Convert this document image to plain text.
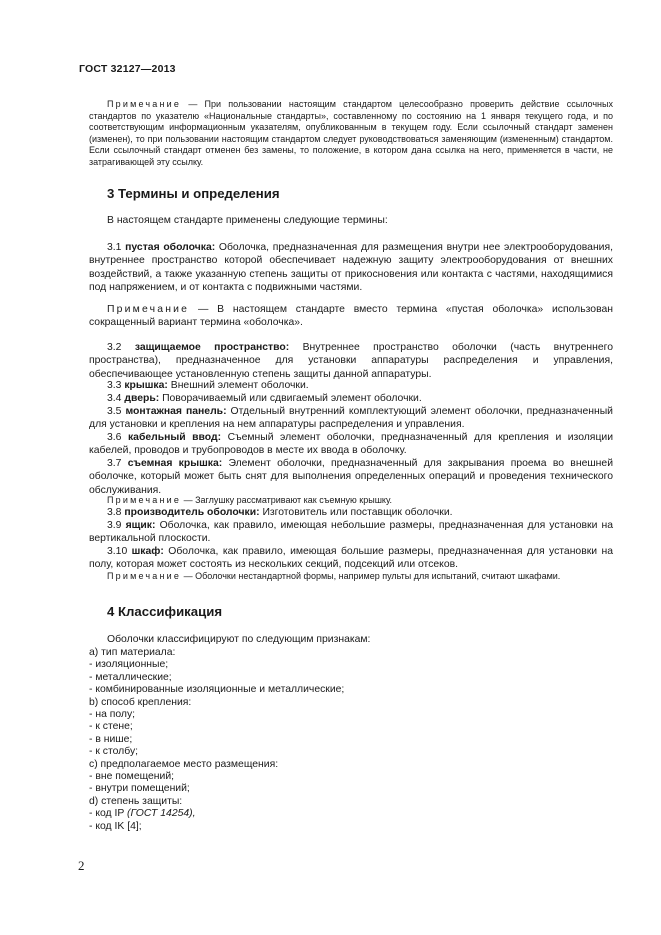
ГОСТ 32127—2013
Примечание — При пользовании настоящим стандартом целесообразно проверить действие ссылочных стандартов по указателю «Национальные стандарты», составленному по состоянию на 1 января текущего года, и по соответствующим информационным указателям, опубликованным в текущем году. Если ссылочный стандарт заменен (изменен), то при пользовании настоящим стандартом следует руководствоваться заменяющим (измененным) стандартом. Если ссылочный стандарт отменен без замены, то положение, в котором дана ссылка на него, применяется в части, не затрагивающей эту ссылку.
3 Термины и определения
В настоящем стандарте применены следующие термины:
3.1 пустая оболочка: Оболочка, предназначенная для размещения внутри нее электрооборудования, внутреннее пространство которой обеспечивает надежную защиту электрооборудования от внешних воздействий, а также указанную степень защиты от прикосновения или контакта с частями, находящимися под напряжением, и от контакта с подвижными частями.
Примечание — В настоящем стандарте вместо термина «пустая оболочка» использован сокращенный вариант термина «оболочка».
3.2 защищаемое пространство: Внутреннее пространство оболочки (часть внутреннего пространства), предназначенное для установки аппаратуры распределения и управления, обеспечивающее установленную степень защиты данной аппаратуры.
3.3 крышка: Внешний элемент оболочки.
3.4 дверь: Поворачиваемый или сдвигаемый элемент оболочки.
3.5 монтажная панель: Отдельный внутренний комплектующий элемент оболочки, предназначенный для установки и крепления на нем аппаратуры распределения и управления.
3.6 кабельный ввод: Съемный элемент оболочки, предназначенный для крепления и изоляции кабелей, проводов и трубопроводов в месте их ввода в оболочку.
3.7 съемная крышка: Элемент оболочки, предназначенный для закрывания проема во внешней оболочке, который может быть снят для выполнения определенных операций и проведения технического обслуживания.
Примечание — Заглушку рассматривают как съемную крышку.
3.8 производитель оболочки: Изготовитель или поставщик оболочки.
3.9 ящик: Оболочка, как правило, имеющая небольшие размеры, предназначенная для установки на вертикальной плоскости.
3.10 шкаф: Оболочка, как правило, имеющая большие размеры, предназначенная для установки на полу, которая может состоять из нескольких секций, подсекций или отсеков.
Примечание — Оболочки нестандартной формы, например пульты для испытаний, считают шкафами.
4 Классификация
Оболочки классифицируют по следующим признакам:
а) тип материала:
- изоляционные;
- металлические;
- комбинированные изоляционные и металлические;
b) способ крепления:
- на полу;
- к стене;
- в нише;
- к столбу;
c) предполагаемое место размещения:
- вне помещений;
- внутри помещений;
d) степень защиты:
- код IP (ГОСТ 14254),
- код IK [4];
2
